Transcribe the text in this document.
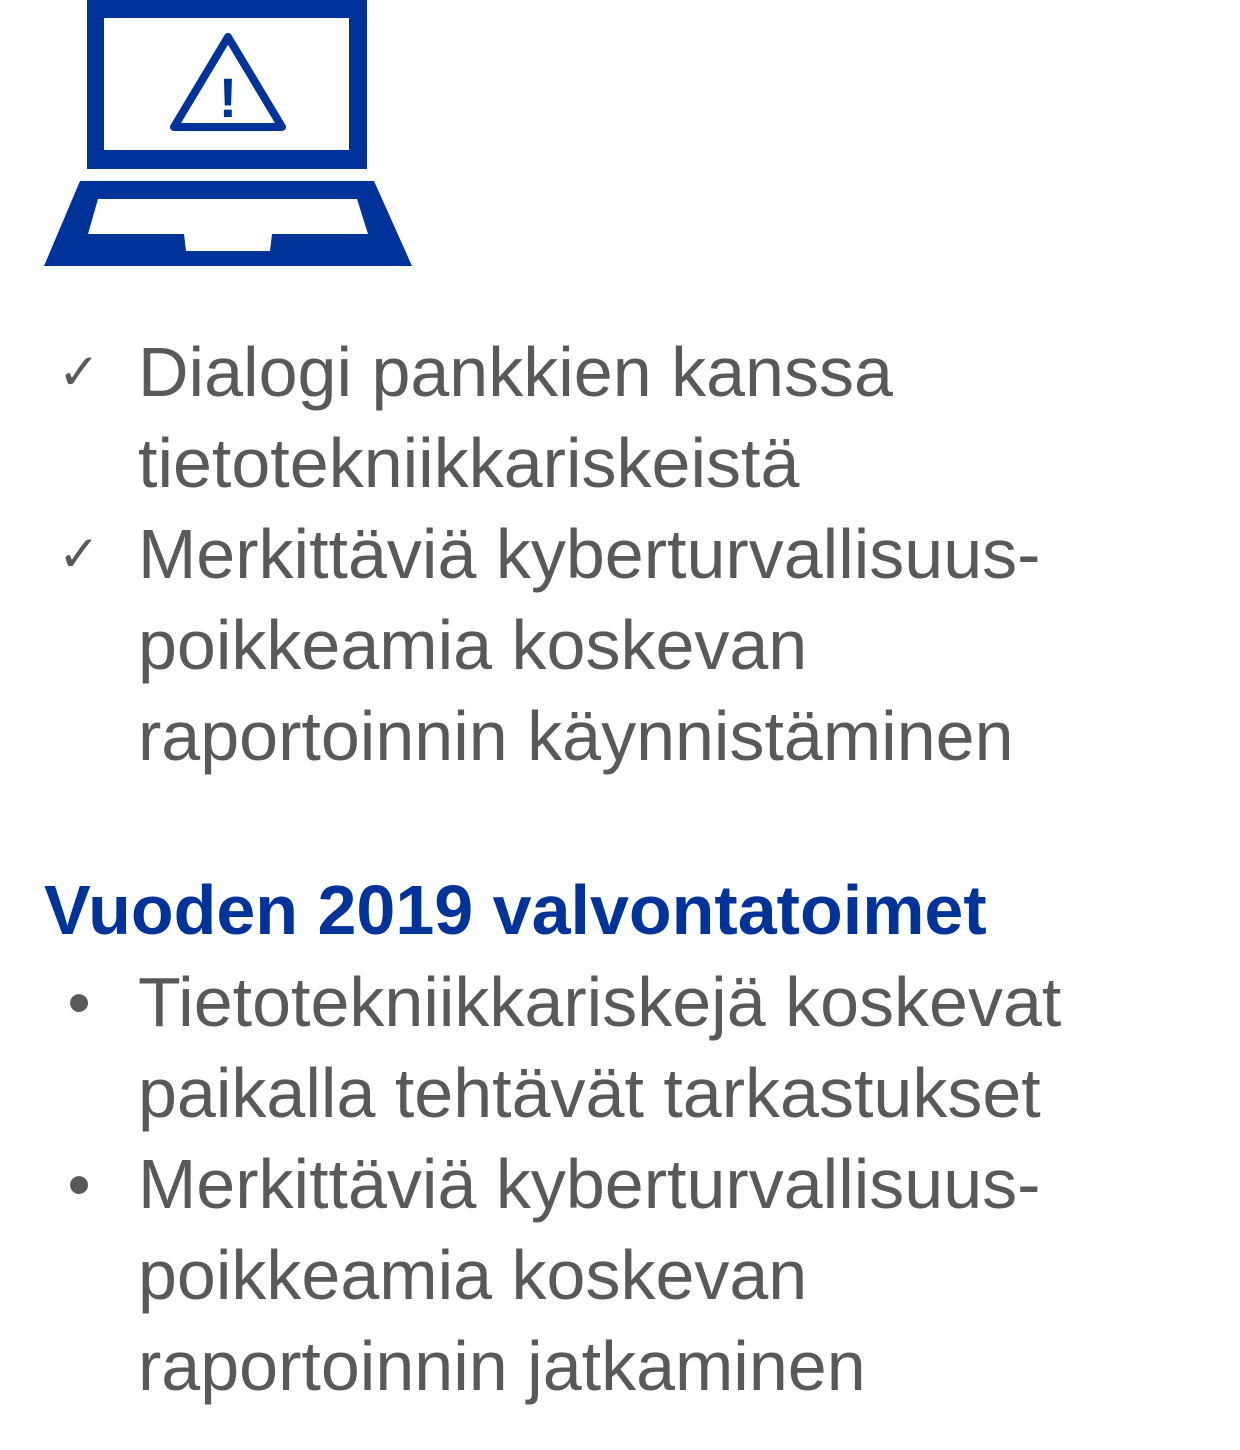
!
✓ Dialogi pankkien kanssa
tietotekniikkariskeistä
✓ Merkittäviä kyberturvallisuus-
poikkeamia koskevan
raportoinnin käynnistäminen
Vuoden 2019 valvontatoimet
• Tietotekniikkariskejä koskevat
paikalla tehtävät tarkastukset
• Merkittäviä kyberturvallisuus-
poikkeamia koskevan
raportoinnin jatkaminen
